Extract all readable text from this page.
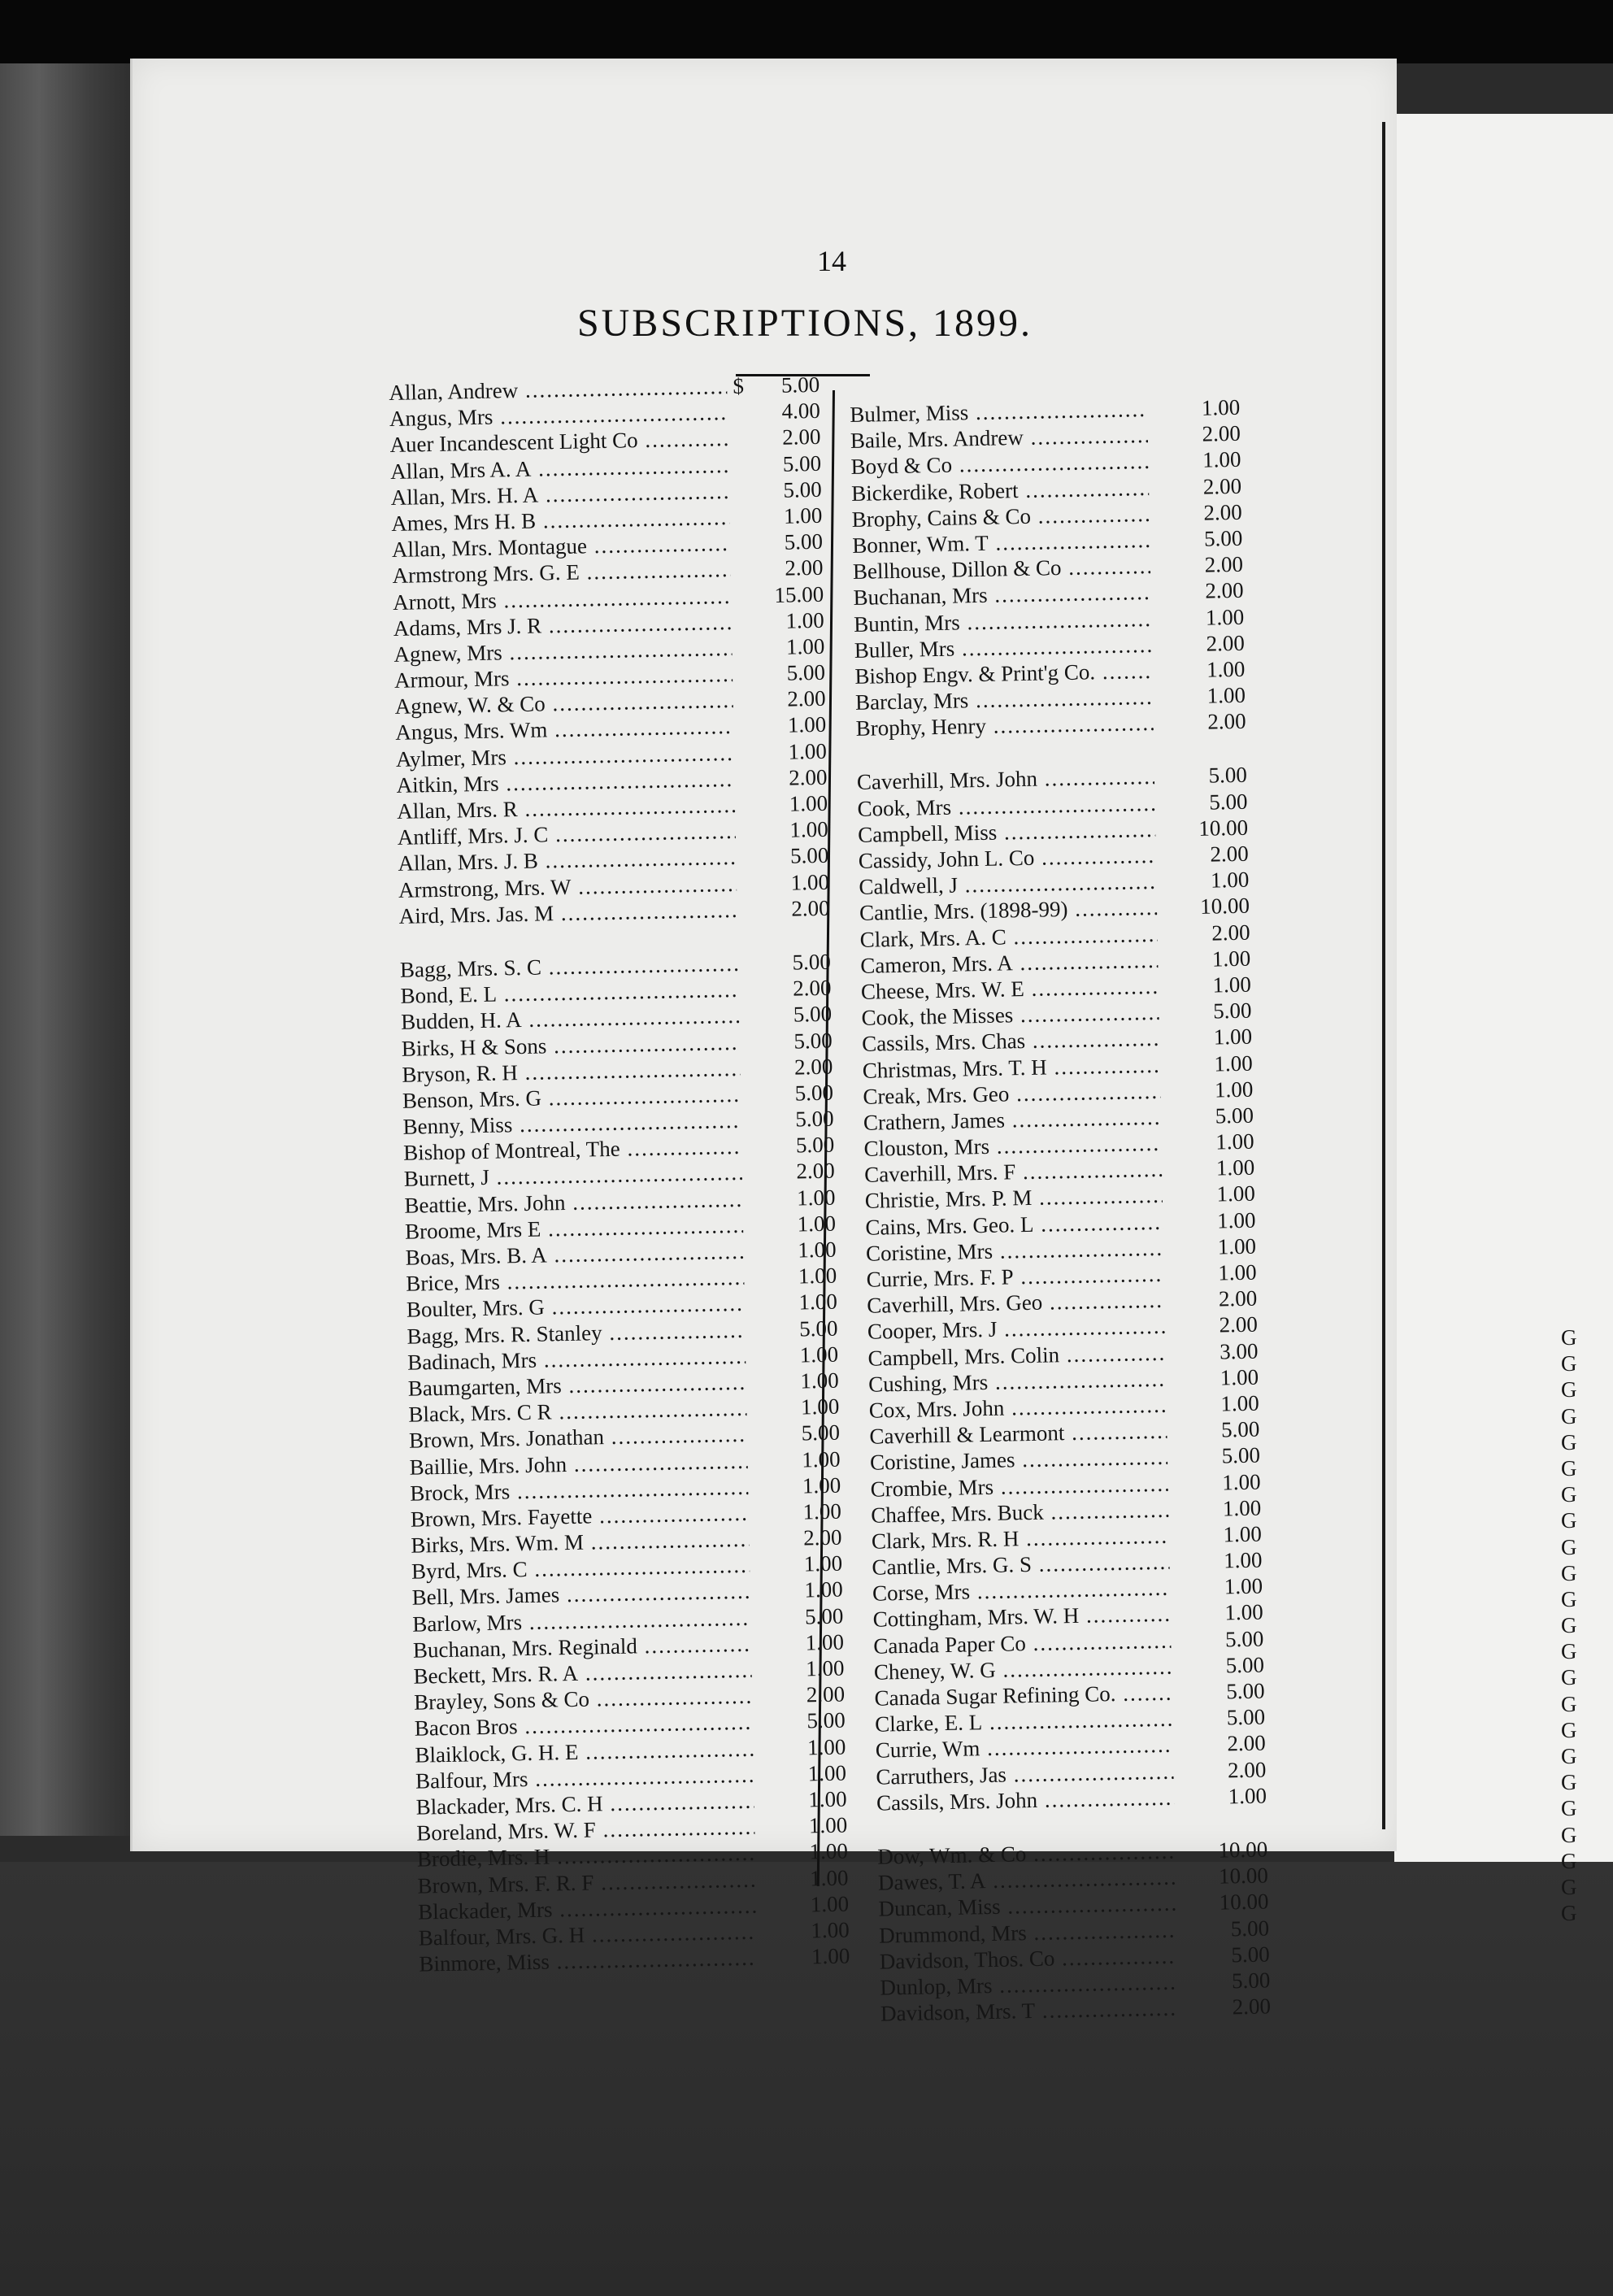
14
SUBSCRIPTIONS, 1899.
Allan, Andrew .....	$	5.00
Angus, Mrs .....	4.00
Auer Incandescent Light Co .....	2.00
Allan, Mrs A. A .....	5.00
Allan, Mrs. H. A .....	5.00
Ames, Mrs H. B .....	1.00
Allan, Mrs. Montague .....	5.00
Armstrong Mrs. G. E .....	2.00
Arnott, Mrs .....	15.00
Adams, Mrs J. R .....	1.00
Agnew, Mrs .....	1.00
Armour, Mrs .....	5.00
Agnew, W. & Co .....	2.00
Angus, Mrs. Wm .....	1.00
Aylmer, Mrs .....	1.00
Aitkin, Mrs .....	2.00
Allan, Mrs. R .....	1.00
Antliff, Mrs. J. C .....	1.00
Allan, Mrs. J. B .....	5.00
Armstrong, Mrs. W .....	1.00
Aird, Mrs. Jas. M .....	2.00
Bagg, Mrs. S. C .....	5.00
Bond, E. L .....	2.00
Budden, H. A .....	5.00
Birks, H & Sons .....	5.00
Bryson, R. H .....	2.00
Benson, Mrs. G .....	5.00
Benny, Miss .....	5.00
Bishop of Montreal, The .....	5.00
Burnett, J .....	2.00
Beattie, Mrs. John .....	1.00
Broome, Mrs E .....	1.00
Boas, Mrs. B. A .....	1.00
Brice, Mrs .....	1.00
Boulter, Mrs. G .....	1.00
Bagg, Mrs. R. Stanley .....	5.00
Badinach, Mrs .....	1.00
Baumgarten, Mrs .....	1.00
Black, Mrs. C R .....	1.00
Brown, Mrs. Jonathan .....	5.00
Baillie, Mrs. John .....	1.00
Brock, Mrs .....	1.00
Brown, Mrs. Fayette .....	1.00
Birks, Mrs. Wm. M .....	2.00
Byrd, Mrs. C .....	1.00
Bell, Mrs. James .....	1.00
Barlow, Mrs .....	5.00
Buchanan, Mrs. Reginald .....	1.00
Beckett, Mrs. R. A .....	1.00
Brayley, Sons & Co .....	2.00
Bacon Bros .....	5.00
Blaiklock, G. H. E .....	1.00
Balfour, Mrs .....	1.00
Blackader, Mrs. C. H .....	1.00
Boreland, Mrs. W. F .....	1.00
Brodie, Mrs. H .....	1.00
Brown, Mrs. F. R. F .....	1.00
Blackader, Mrs .....	1.00
Balfour, Mrs. G. H .....	1.00
Binmore, Miss .....	1.00
Bulmer, Miss .....	1.00
Baile, Mrs. Andrew .....	2.00
Boyd & Co .....	1.00
Bickerdike, Robert .....	2.00
Brophy, Cains & Co .....	2.00
Bonner, Wm. T .....	5.00
Bellhouse, Dillon & Co .....	2.00
Buchanan, Mrs .....	2.00
Buntin, Mrs .....	1.00
Buller, Mrs .....	2.00
Bishop Engv. & Print'g Co. .....	1.00
Barclay, Mrs .....	1.00
Brophy, Henry .....	2.00
Caverhill, Mrs. John .....	5.00
Cook, Mrs .....	5.00
Campbell, Miss .....	10.00
Cassidy, John L. Co .....	2.00
Caldwell, J .....	1.00
Cantlie, Mrs. (1898-99) .....	10.00
Clark, Mrs. A. C .....	2.00
Cameron, Mrs. A .....	1.00
Cheese, Mrs. W. E .....	1.00
Cook, the Misses .....	5.00
Cassils, Mrs. Chas .....	1.00
Christmas, Mrs. T. H .....	1.00
Creak, Mrs. Geo .....	1.00
Crathern, James .....	5.00
Clouston, Mrs .....	1.00
Caverhill, Mrs. F .....	1.00
Christie, Mrs. P. M .....	1.00
Cains, Mrs. Geo. L .....	1.00
Coristine, Mrs .....	1.00
Currie, Mrs. F. P .....	1.00
Caverhill, Mrs. Geo .....	2.00
Cooper, Mrs. J .....	2.00
Campbell, Mrs. Colin .....	3.00
Cushing, Mrs .....	1.00
Cox, Mrs. John .....	1.00
Caverhill & Learmont .....	5.00
Coristine, James .....	5.00
Crombie, Mrs .....	1.00
Chaffee, Mrs. Buck .....	1.00
Clark, Mrs. R. H .....	1.00
Cantlie, Mrs. G. S .....	1.00
Corse, Mrs .....	1.00
Cottingham, Mrs. W. H .....	1.00
Canada Paper Co .....	5.00
Cheney, W. G .....	5.00
Canada Sugar Refining Co. .....	5.00
Clarke, E. L .....	5.00
Currie, Wm .....	2.00
Carruthers, Jas .....	2.00
Cassils, Mrs. John .....	1.00
Dow, Wm. & Co .....	10.00
Dawes, T. A .....	10.00
Duncan, Miss .....	10.00
Drummond, Mrs .....	5.00
Davidson, Thos. Co .....	5.00
Dunlop, Mrs .....	5.00
Davidson, Mrs. T .....	2.00
G
G
G
G
G
G
G
G
G
G
G
G
G
G
G
G
G
G
G
G
G
G
G
